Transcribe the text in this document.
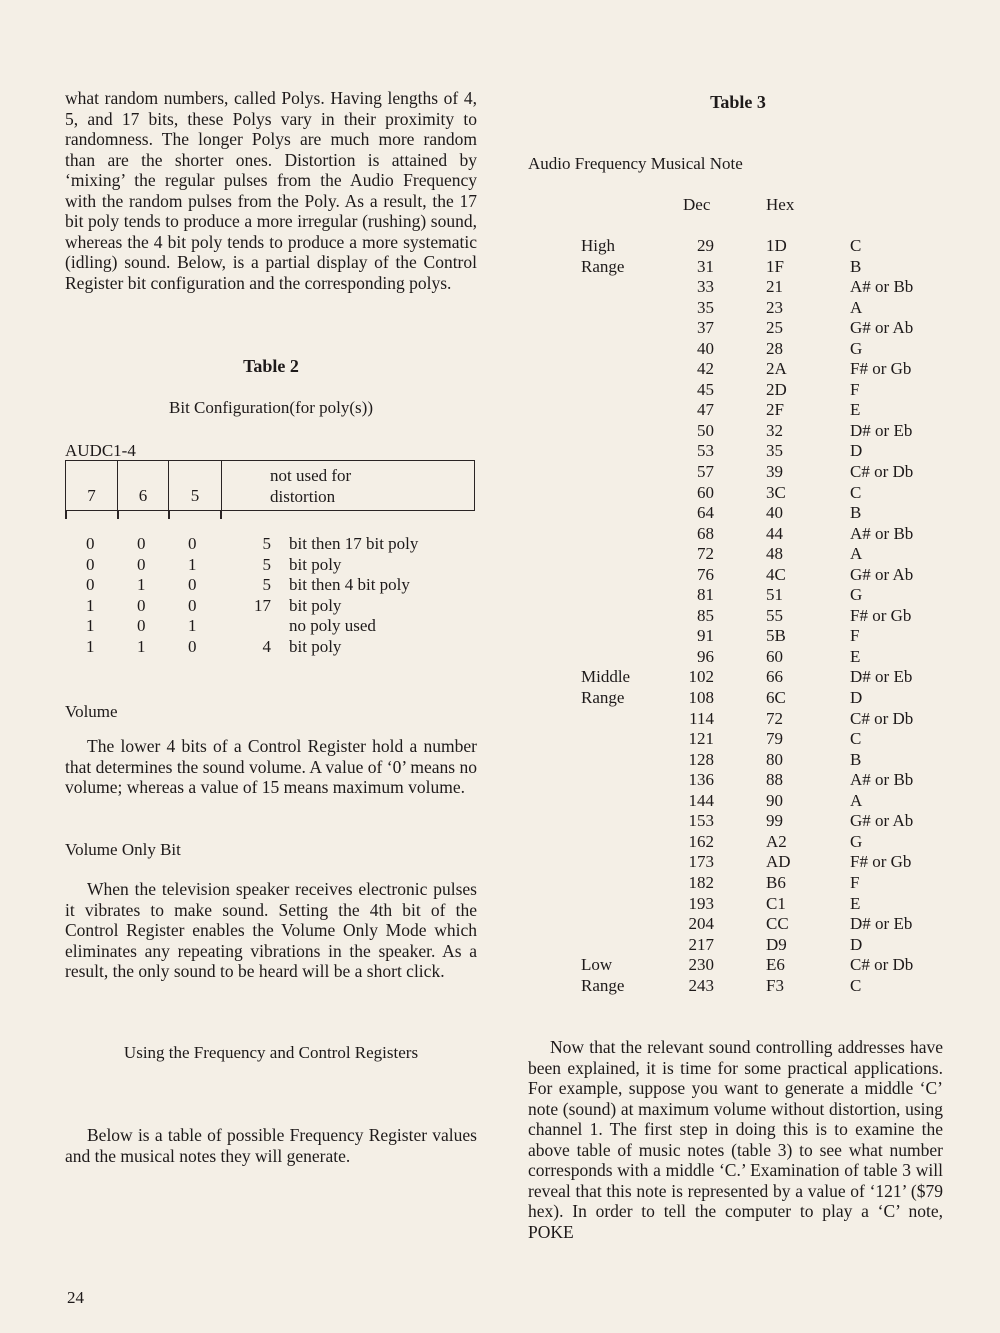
what random numbers, called Polys. Having lengths of 4, 5, and 17 bits, these Polys vary in their proximity to randomness. The longer Polys are much more random than are the shorter ones. Distortion is attained by ‘mixing’ the regular pulses from the Audio Frequency with the random pulses from the Poly. As a result, the 17 bit poly tends to produce a more irregular (rushing) sound, whereas the 4 bit poly tends to produce a more systematic (idling) sound. Below, is a partial display of the Control Register bit configuration and the corresponding polys.

Table 2
Bit Configuration(for poly(s))
AUDC1-4
7	6	5
not used for
distortion
0	0	0	5 bit then 17 bit poly
0	0	1	5 bit poly
0	1	0	5 bit then 4 bit poly
1	0	0	17 bit poly
1	0	1	no poly used
1	1	0	4 bit poly
Volume

The lower 4 bits of a Control Register hold a number that determines the sound volume. A value of ‘0’ means no volume; whereas a value of 15 means maximum volume.

Volume Only Bit

When the television speaker receives electronic pulses it vibrates to make sound. Setting the 4th bit of the Control Register enables the Volume Only Mode which eliminates any repeating vibrations in the speaker. As a result, the only sound to be heard will be a short click.

Using the Frequency and Control Registers

Below is a table of possible Frequency Register values and the musical notes they will generate.

Table 3
Audio Frequency Musical Note
Dec	Hex
High	29	1D	C
Range	31	1F	B
33	21	A# or Bb
35	23	A
37	25	G# or Ab
40	28	G
42	2A	F# or Gb
45	2D	F
47	2F	E
50	32	D# or Eb
53	35	D
57	39	C# or Db
60	3C	C
64	40	B
68	44	A# or Bb
72	48	A
76	4C	G# or Ab
81	51	G
85	55	F# or Gb
91	5B	F
96	60	E
Middle	102	66	D# or Eb
Range	108	6C	D
114	72	C# or Db
121	79	C
128	80	B
136	88	A# or Bb
144	90	A
153	99	G# or Ab
162	A2	G
173	AD	F# or Gb
182	B6	F
193	C1	E
204	CC	D# or Eb
217	D9	D
Low	230	E6	C# or Db
Range	243	F3	C

Now that the relevant sound controlling addresses have been explained, it is time for some practical applications. For example, suppose you want to generate a middle ‘C’ note (sound) at maximum volume without distortion, using channel 1. The first step in doing this is to examine the above table of music notes (table 3) to see what number corresponds with a middle ‘C.’ Examination of table 3 will reveal that this note is represented by a value of ‘121’ ($79 hex). In order to tell the computer to play a ‘C’ note, POKE

24
